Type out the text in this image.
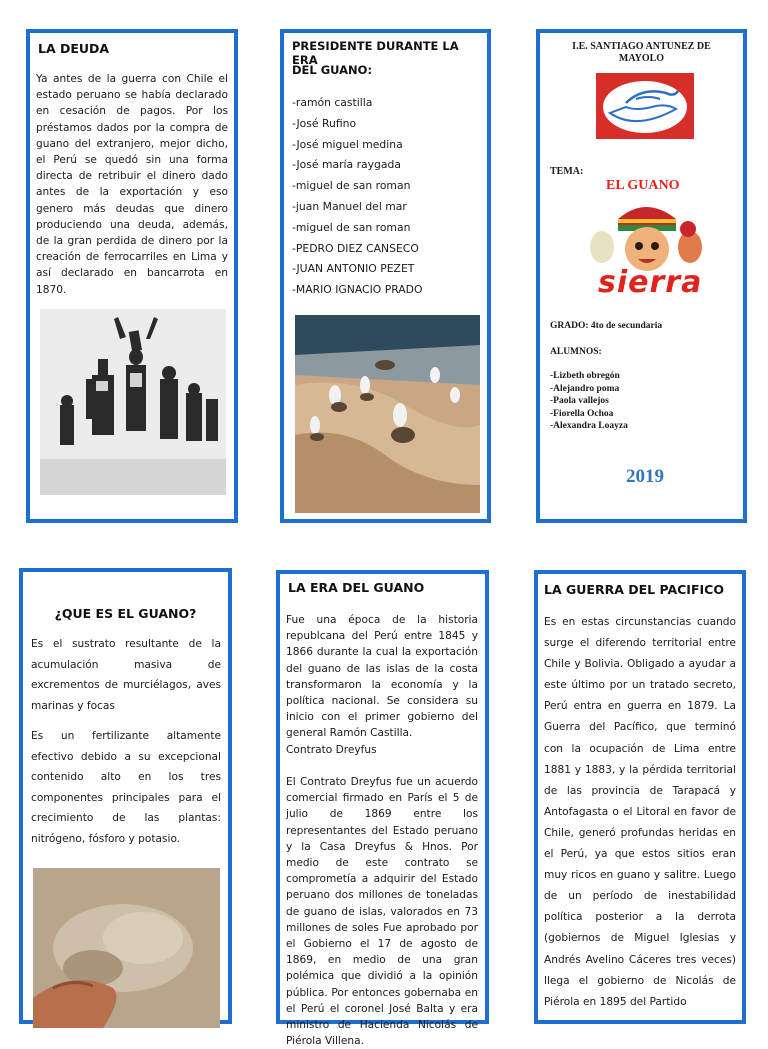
LA DEUDA
Ya antes de la guerra con Chile el estado peruano se había declarado en cesación de pagos. Por los préstamos dados por la compra de guano del extranjero, mejor dicho, el Perú se quedó sin una forma directa de retribuir el dinero dado antes de la exportación y eso genero más deudas que dinero produciendo una deuda, además, de la gran perdida de dinero por la creación de ferrocarriles en Lima y así declarado en bancarrota en 1870.
PRESIDENTE DURANTE LA ERA
DEL GUANO:
-ramón castilla
-José Rufino
-José miguel medina
-José maría raygada
-miguel de san roman
-juan Manuel del mar
-miguel de san roman
-PEDRO DIEZ CANSECO
-JUAN ANTONIO PEZET
-MARIO IGNACIO PRADO
I.E. SANTIAGO ANTUNEZ DE
MAYOLO
TEMA:
EL GUANO
sierra
GRADO: 4to de secundaria
ALUMNOS:
-Lizbeth obregón
-Alejandro poma
-Paola vallejos
-Fiorella Ochoa
-Alexandra Loayza
2019
¿QUE ES EL GUANO?
Es el sustrato resultante de la acumulación masiva de excrementos de murciélagos, aves marinas y focas
Es un fertilizante altamente efectivo debido a su excepcional contenido alto en los tres componentes principales para el crecimiento de las plantas: nitrógeno, fósforo y potasio.
LA ERA DEL GUANO
Fue una época de la historia republcana del Perú entre 1845 y 1866 durante la cual la exportación del guano de las islas de la costa transformaron la economía y la política nacional. Se considera su inicio con el primer gobierno del general Ramón Castilla.
Contrato Dreyfus
El Contrato Dreyfus fue un acuerdo comercial firmado en París el 5 de julio de 1869 entre los representantes del Estado peruano y la Casa Dreyfus & Hnos. Por medio de este contrato se comprometía a adquirir del Estado peruano dos millones de toneladas de guano de islas, valorados en 73 millones de soles Fue aprobado por el Gobierno el 17 de agosto de 1869, en medio de una gran polémica que dividió a la opinión pública. Por entonces gobernaba en el Perú el coronel José Balta y era ministro de Hacienda Nicolás de Piérola Villena.
LA GUERRA DEL PACIFICO
Es en estas circunstancias cuando surge el diferendo territorial entre Chile y Bolivia. Obligado a ayudar a este último por un tratado secreto, Perú entra en guerra en 1879. La Guerra del Pacífico, que terminó con la ocupación de Lima entre 1881 y 1883, y la pérdida territorial de las provincia de Tarapacá y Antofagasta o el Litoral en favor de Chile, generó profundas heridas en el Perú, ya que estos sitios eran muy ricos en guano y salitre. Luego de un período de inestabilidad política posterior a la derrota (gobiernos de Miguel Iglesias y Andrés Avelino Cáceres tres veces) llega el gobierno de Nicolás de Piérola en 1895 del Partido
